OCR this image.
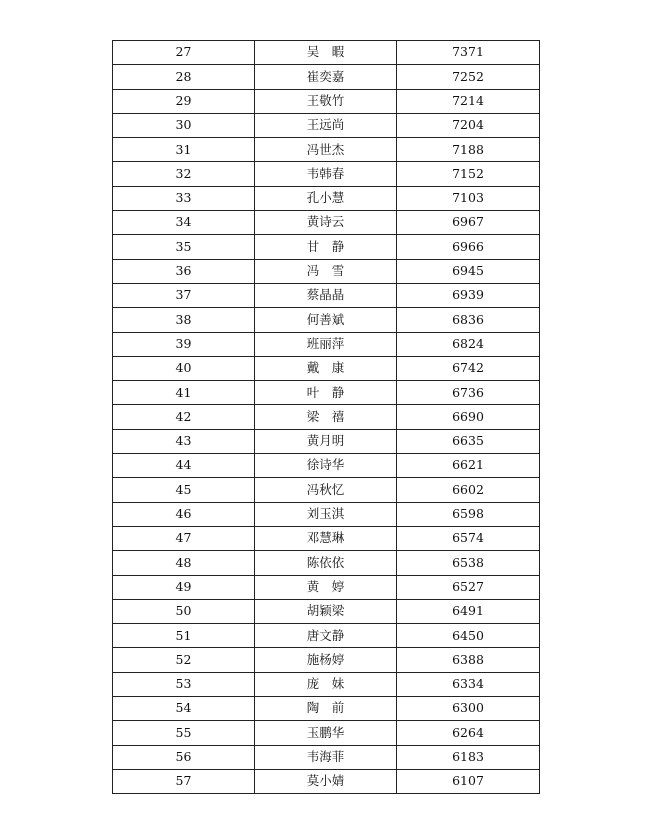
27	吴　暇	7371
28	崔奕嘉	7252
29	王敬竹	7214
30	王远尚	7204
31	冯世杰	7188
32	韦韩春	7152
33	孔小慧	7103
34	黄诗云	6967
35	甘　静	6966
36	冯　雪	6945
37	蔡晶晶	6939
38	何善斌	6836
39	班丽萍	6824
40	戴　康	6742
41	叶　静	6736
42	梁　禧	6690
43	黄月明	6635
44	徐诗华	6621
45	冯秋忆	6602
46	刘玉淇	6598
47	邓慧琳	6574
48	陈依依	6538
49	黄　婷	6527
50	胡颖梁	6491
51	唐文静	6450
52	施杨婷	6388
53	庞　妹	6334
54	陶　前	6300
55	玉鹏华	6264
56	韦海菲	6183
57	莫小婧	6107
